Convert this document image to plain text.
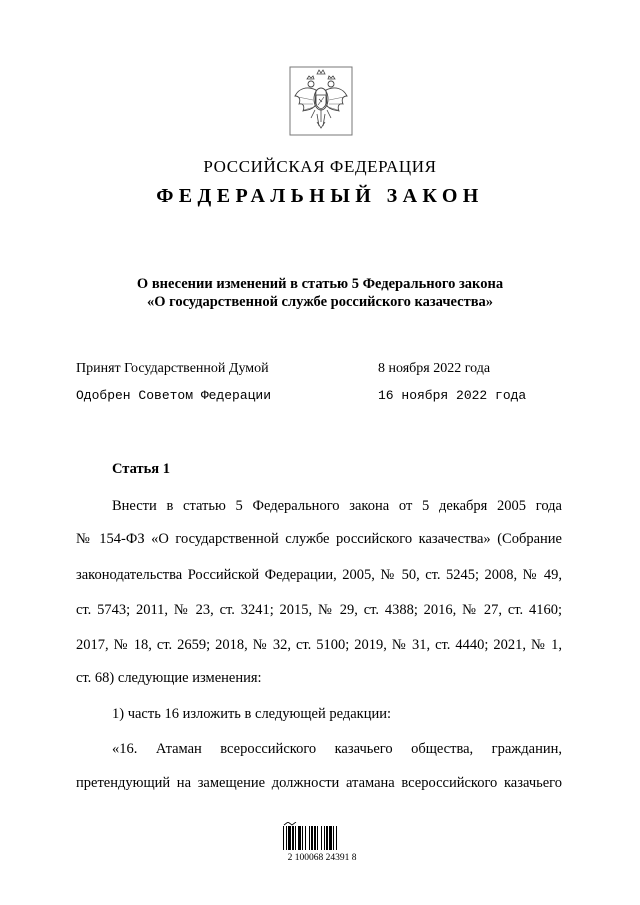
РОССИЙСКАЯ ФЕДЕРАЦИЯ
ФЕДЕРАЛЬНЫЙ ЗАКОН
О внесении изменений в статью 5 Федерального закона
«О государственной службе российского казачества»
Принят Государственной Думой	8 ноября 2022 года
Одобрен Советом Федерации	16 ноября 2022 года
Статья 1
Внести в статью 5 Федерального закона от 5 декабря 2005 года
№ 154-ФЗ «О государственной службе российского казачества» (Собрание
законодательства Российской Федерации, 2005, № 50, ст. 5245; 2008, № 49,
ст. 5743; 2011, № 23, ст. 3241; 2015, № 29, ст. 4388; 2016, № 27, ст. 4160;
2017, № 18, ст. 2659; 2018, № 32, ст. 5100; 2019, № 31, ст. 4440; 2021, № 1,
ст. 68) следующие изменения:
1) часть 16 изложить в следующей редакции:
«16. Атаман всероссийского казачьего общества, гражданин,
претендующий на замещение должности атамана всероссийского казачьего
2 100068 24391 8
